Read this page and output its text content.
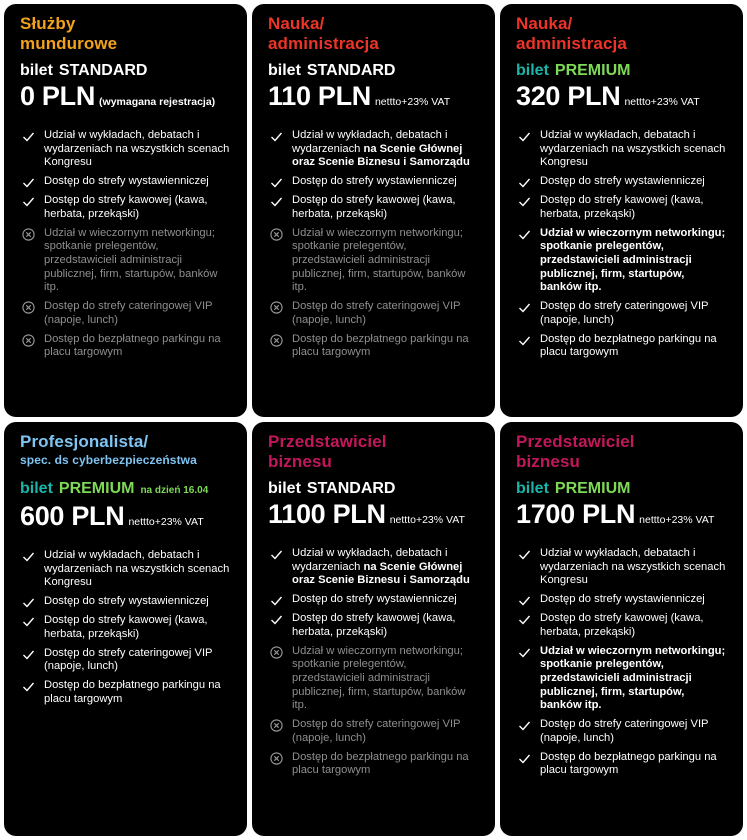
Służby
mundurowe
bilet STANDARD
0 PLN (wymagana rejestracja)
Udział w wykładach, debatach i wydarzeniach na wszystkich scenach Kongresu
Dostęp do strefy wystawienniczej
Dostęp do strefy kawowej (kawa, herbata, przekąski)
Udział w wieczornym networkingu; spotkanie prelegentów, przedstawicieli administracji publicznej, firm, startupów, banków itp.
Dostęp do strefy cateringowej VIP (napoje, lunch)
Dostęp do bezpłatnego parkingu na placu targowym
Nauka/
administracja
bilet STANDARD
110 PLN nettto+23% VAT
Udział w wykładach, debatach i wydarzeniach na Scenie Głównej oraz Scenie Biznesu i Samorządu
Dostęp do strefy wystawienniczej
Dostęp do strefy kawowej (kawa, herbata, przekąski)
Udział w wieczornym networkingu; spotkanie prelegentów, przedstawicieli administracji publicznej, firm, startupów, banków itp.
Dostęp do strefy cateringowej VIP (napoje, lunch)
Dostęp do bezpłatnego parkingu na placu targowym
Nauka/
administracja
bilet PREMIUM
320 PLN nettto+23% VAT
Udział w wykładach, debatach i wydarzeniach na wszystkich scenach Kongresu
Dostęp do strefy wystawienniczej
Dostęp do strefy kawowej (kawa, herbata, przekąski)
Udział w wieczornym networkingu; spotkanie prelegentów, przedstawicieli administracji publicznej, firm, startupów, banków itp.
Dostęp do strefy cateringowej VIP (napoje, lunch)
Dostęp do bezpłatnego parkingu na placu targowym
Profesjonalista/
spec. ds cyberbezpieczeństwa
bilet PREMIUM na dzień 16.04
600 PLN nettto+23% VAT
Udział w wykładach, debatach i wydarzeniach na wszystkich scenach Kongresu
Dostęp do strefy wystawienniczej
Dostęp do strefy kawowej (kawa, herbata, przekąski)
Dostęp do strefy cateringowej VIP (napoje, lunch)
Dostęp do bezpłatnego parkingu na placu targowym
Przedstawiciel
biznesu
bilet STANDARD
1100 PLN nettto+23% VAT
Udział w wykładach, debatach i wydarzeniach na Scenie Głównej oraz Scenie Biznesu i Samorządu
Dostęp do strefy wystawienniczej
Dostęp do strefy kawowej (kawa, herbata, przekąski)
Udział w wieczornym networkingu; spotkanie prelegentów, przedstawicieli administracji publicznej, firm, startupów, banków itp.
Dostęp do strefy cateringowej VIP (napoje, lunch)
Dostęp do bezpłatnego parkingu na placu targowym
Przedstawiciel
biznesu
bilet PREMIUM
1700 PLN nettto+23% VAT
Udział w wykładach, debatach i wydarzeniach na wszystkich scenach Kongresu
Dostęp do strefy wystawienniczej
Dostęp do strefy kawowej (kawa, herbata, przekąski)
Udział w wieczornym networkingu; spotkanie prelegentów, przedstawicieli administracji publicznej, firm, startupów, banków itp.
Dostęp do strefy cateringowej VIP (napoje, lunch)
Dostęp do bezpłatnego parkingu na placu targowym
